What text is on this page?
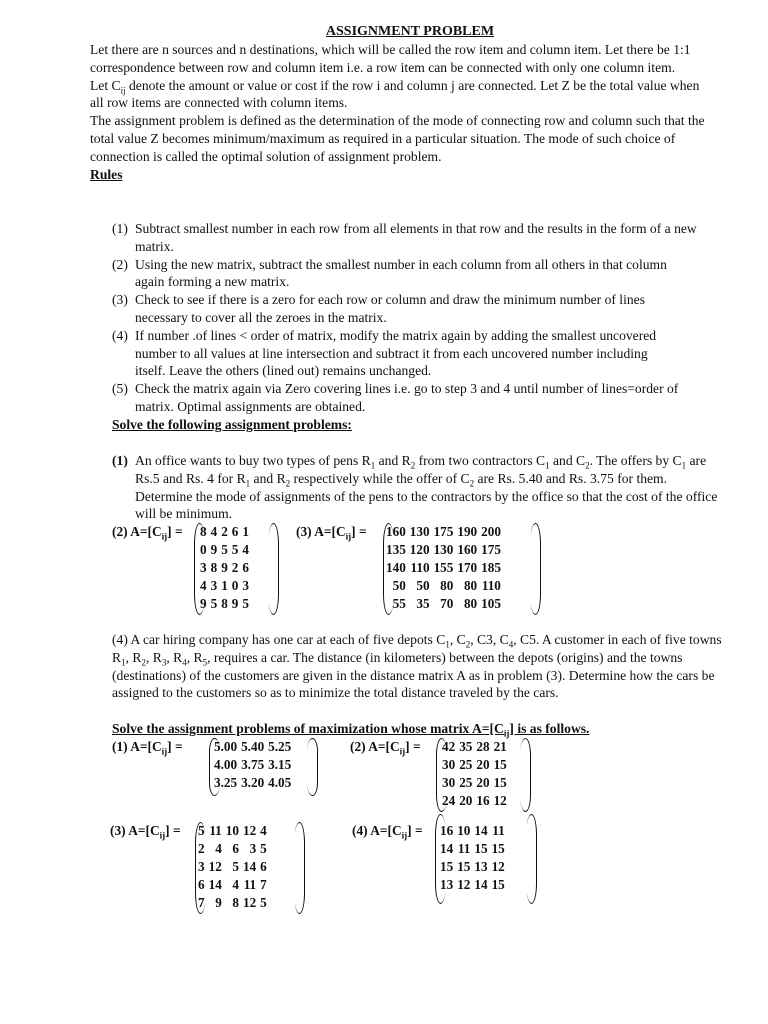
ASSIGNMENT PROBLEM

Let there are n sources and n destinations, which will be called the row item and column item. Let there be 1:1 correspondence between row and column item i.e. a row item can be connected with only one column item.

Let $C_{ij}$ denote the amount or value or cost if the row i and column j are connected. Let Z be the total value when all row items are connected with column items.

The assignment problem is defined as the determination of the mode of connecting row and column such that the total value Z becomes minimum/maximum as required in a particular situation. The mode of such choice of connection is called the optimal solution of assignment problem.

Rules

(1) Subtract smallest number in each row from all elements in that row and the results in the form of a new matrix.
(2) Using the new matrix, subtract the smallest number in each column from all others in that column again forming a new matrix.
(3) Check to see if there is a zero for each row or column and draw the minimum number of lines necessary to cover all the zeroes in the matrix.
(4) If number .of lines < order of matrix, modify the matrix again by adding the smallest uncovered number to all values at line intersection and subtract it from each uncovered number including itself. Leave the others (lined out) remains unchanged.
(5) Check the matrix again via Zero covering lines i.e. go to step 3 and 4 until number of lines=order of matrix. Optimal assignments are obtained.
Solve the following assignment problems:
(1) An office wants to buy two types of pens $R_1$ and $R_2$ from two contractors $C_1$ and $C_2$. The offers by $C_1$ are Rs.5 and Rs. 4 for $R_1$ and $R_2$ respectively while the offer of $C_2$ are Rs. 5.40 and Rs. 3.75 for them. Determine the mode of assignments of the pens to the contractors by the office so that the cost of the office will be minimum.
(2) $A=[C_{ij}] = 8$	4	2	6	1
0	9	5	5	4
3	8	9	2	6
4	3	1	0	3
9	5	8	9	5
(3) $A=[C_{ij}] = 160$	130	175	190	200
135	120	130	160	175
140	110	155	170	185
50	50	80	80	110
55	35	70	80	105
(4) A car hiring company has one car at each of five depots $C_1$, $C_2$, C3, $C_4$, C5. A customer in each of five towns $R_1$, $R_2$, $R_3$, $R_4$, $R_5$, requires a car. The distance (in kilometers) between the depots (origins) and the towns (destinations) of the customers are given in the distance matrix A as in problem (3). Determine how the cars be assigned to the customers so as to minimize the total distance traveled by the cars.
Solve the assignment problems of maximization whose matrix $A=[C_{ij}]$ is as follows.
(1) $A=[C_{ij}] = 5.00$	5.40	5.25
4.00	3.75	3.15
3.25	3.20	4.05
(2) $A=[C_{ij}] = 42$	35	28	21
30	25	20	15
30	25	20	15
24	20	16	12
(3) $A=[C_{ij}] = 5$	11	10	12	4
2	4	6	3	5
3	12	5	14	6
6	14	4	11	7
7	9	8	12	5
(4) $A=[C_{ij}] = 16$	10	14	11
14	11	15	15
15	15	13	12
13	12	14	15
